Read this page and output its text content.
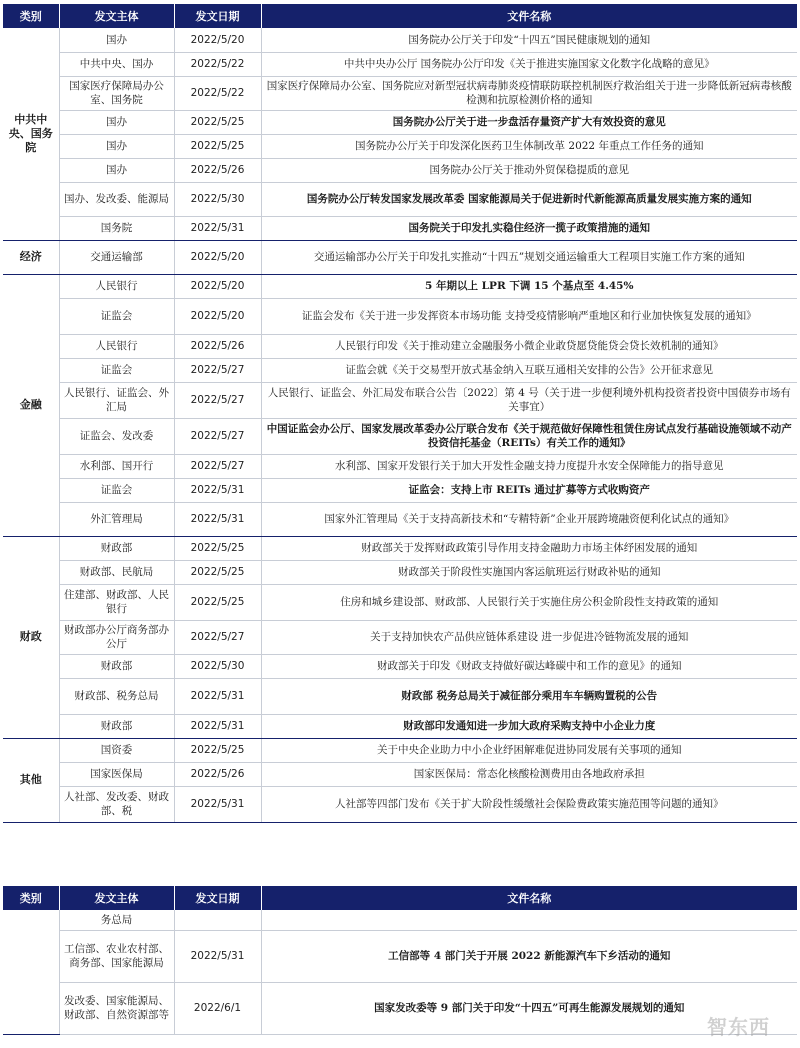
类别	发文主体	发文日期	文件名称
中共中央、国务院	国办	2022/5/20	国务院办公厅关于印发“十四五”国民健康规划的通知
	中共中央、国办	2022/5/22	中共中央办公厅 国务院办公厅印发《关于推进实施国家文化数字化战略的意见》
	国家医疗保障局办公室、国务院	2022/5/22	国家医疗保障局办公室、国务院应对新型冠状病毒肺炎疫情联防联控机制医疗救治组关于进一步降低新冠病毒核酸检测和抗原检测价格的通知
	国办	2022/5/25	国务院办公厅关于进一步盘活存量资产扩大有效投资的意见
	国办	2022/5/25	国务院办公厅关于印发深化医药卫生体制改革 2022 年重点工作任务的通知
	国办	2022/5/26	国务院办公厅关于推动外贸保稳提质的意见
	国办、发改委、能源局	2022/5/30	国务院办公厅转发国家发展改革委 国家能源局关于促进新时代新能源高质量发展实施方案的通知
	国务院	2022/5/31	国务院关于印发扎实稳住经济一揽子政策措施的通知
经济	交通运输部	2022/5/20	交通运输部办公厅关于印发扎实推动“十四五”规划交通运输重大工程项目实施工作方案的通知
金融	人民银行	2022/5/20	5 年期以上 LPR 下调 15 个基点至 4.45%
	证监会	2022/5/20	证监会发布《关于进一步发挥资本市场功能 支持受疫情影响严重地区和行业加快恢复发展的通知》
	人民银行	2022/5/26	人民银行印发《关于推动建立金融服务小微企业敢贷愿贷能贷会贷长效机制的通知》
	证监会	2022/5/27	证监会就《关于交易型开放式基金纳入互联互通相关安排的公告》公开征求意见
	人民银行、证监会、外汇局	2022/5/27	人民银行、证监会、外汇局发布联合公告〔2022〕第 4 号（关于进一步便利境外机构投资者投资中国债券市场有关事宜）
	证监会、发改委	2022/5/27	中国证监会办公厅、国家发展改革委办公厅联合发布《关于规范做好保障性租赁住房试点发行基础设施领域不动产投资信托基金（REITs）有关工作的通知》
	水利部、国开行	2022/5/27	水利部、国家开发银行关于加大开发性金融支持力度提升水安全保障能力的指导意见
	证监会	2022/5/31	证监会：支持上市 REITs 通过扩募等方式收购资产
	外汇管理局	2022/5/31	国家外汇管理局《关于支持高新技术和“专精特新”企业开展跨境融资便利化试点的通知》
财政	财政部	2022/5/25	财政部关于发挥财政政策引导作用支持金融助力市场主体纾困发展的通知
	财政部、民航局	2022/5/25	财政部关于阶段性实施国内客运航班运行财政补贴的通知
	住建部、财政部、人民银行	2022/5/25	住房和城乡建设部、财政部、人民银行关于实施住房公积金阶段性支持政策的通知
	财政部办公厅商务部办公厅	2022/5/27	关于支持加快农产品供应链体系建设 进一步促进冷链物流发展的通知
	财政部	2022/5/30	财政部关于印发《财政支持做好碳达峰碳中和工作的意见》的通知
	财政部、税务总局	2022/5/31	财政部 税务总局关于减征部分乘用车车辆购置税的公告
	财政部	2022/5/31	财政部印发通知进一步加大政府采购支持中小企业力度
其他	国资委	2022/5/25	关于中央企业助力中小企业纾困解难促进协同发展有关事项的通知
	国家医保局	2022/5/26	国家医保局：常态化核酸检测费用由各地政府承担
	人社部、发改委、财政部、税	2022/5/31	人社部等四部门发布《关于扩大阶段性缓缴社会保险费政策实施范围等问题的通知》
类别	发文主体	发文日期	文件名称
	务总局		
	工信部、农业农村部、商务部、国家能源局	2022/5/31	工信部等 4 部门关于开展 2022 新能源汽车下乡活动的通知
	发改委、国家能源局、财政部、自然资源部等	2022/6/1	国家发改委等 9 部门关于印发“十四五”可再生能源发展规划的通知
智东西
